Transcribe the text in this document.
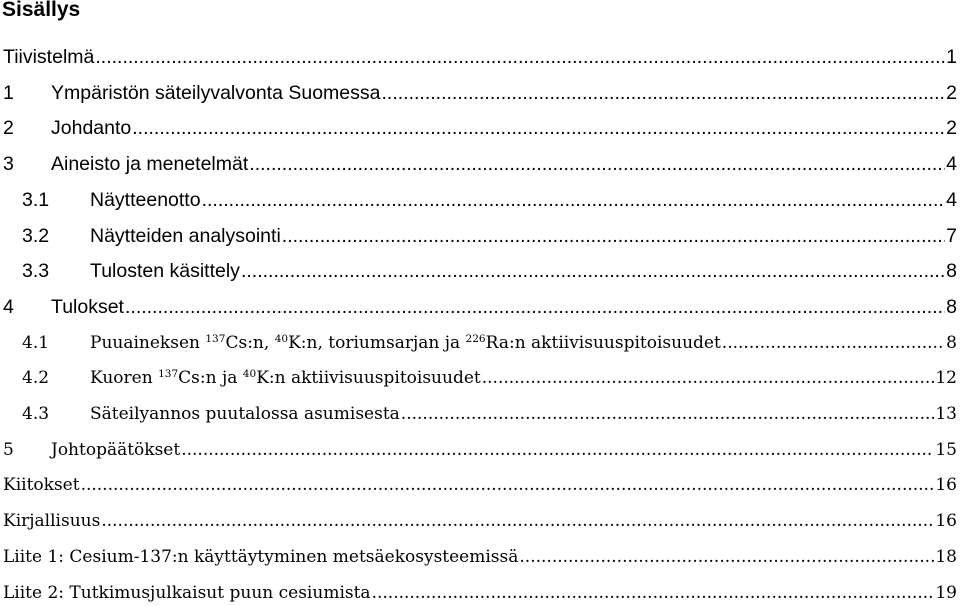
Sisällys
Tiivistelmä .....	1
1	Ympäristön säteilyvalvonta Suomessa .....	2
2	Johdanto .....	2
3	Aineisto ja menetelmät .....	4
3.1	Näytteenotto .....	4
3.2	Näytteiden analysointi .....	7
3.3	Tulosten käsittely .....	8
4	Tulokset .....	8
4.1	Puuaineksen $^{137}$Cs:n, $^{40}$K:n, toriumsarjan ja $^{226}$Ra:n aktiivisuuspitoisuudet .....	8
4.2	Kuoren $^{137}$Cs:n ja $^{40}$K:n aktiivisuuspitoisuudet .....	12
4.3	Säteilyannos puutalossa asumisesta .....	13
5	Johtopäätökset .....	15
Kiitokset .....	16
Kirjallisuus .....	16
Liite 1: Cesium-137:n käyttäytyminen metsäekosysteemissä .....	18
Liite 2: Tutkimusjulkaisut puun cesiumista .....	19
